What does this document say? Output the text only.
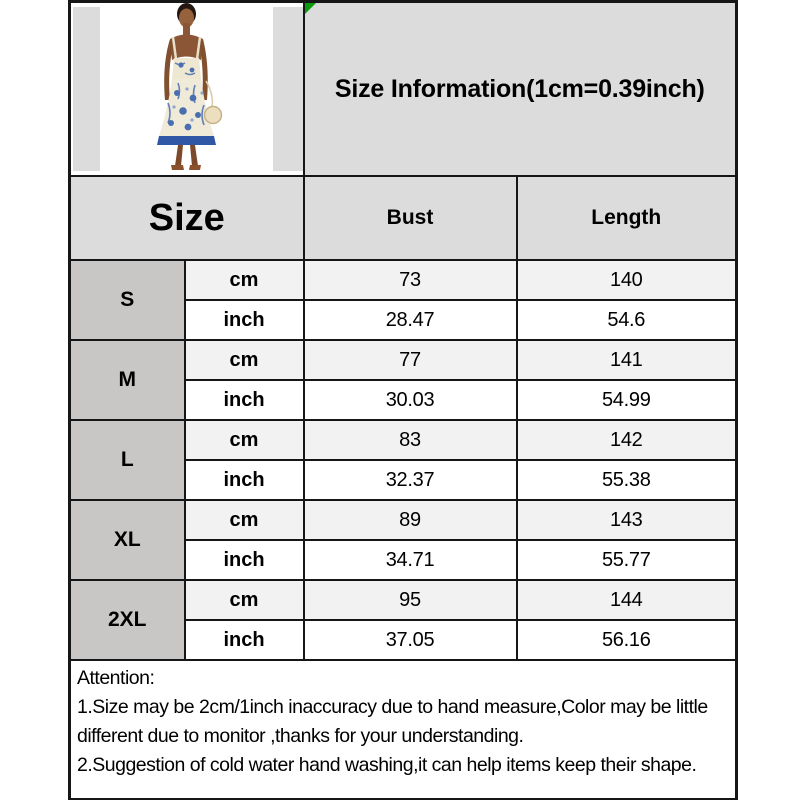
Size Information(1cm=0.39inch)	
Size		Bust	Length
S	cm	73	140
	inch	28.47	54.6
M	cm	77	141
	inch	30.03	54.99
L	cm	83	142
	inch	32.37	55.38
XL	cm	89	143
	inch	34.71	55.77
2XL	cm	95	144
	inch	37.05	56.16

Attention:

1.Size may be 2cm/1inch inaccuracy due to hand measure,Color may be little different due to monitor ,thanks for your understanding.

2.Suggestion of cold water hand washing,it can help items keep their shape.			
